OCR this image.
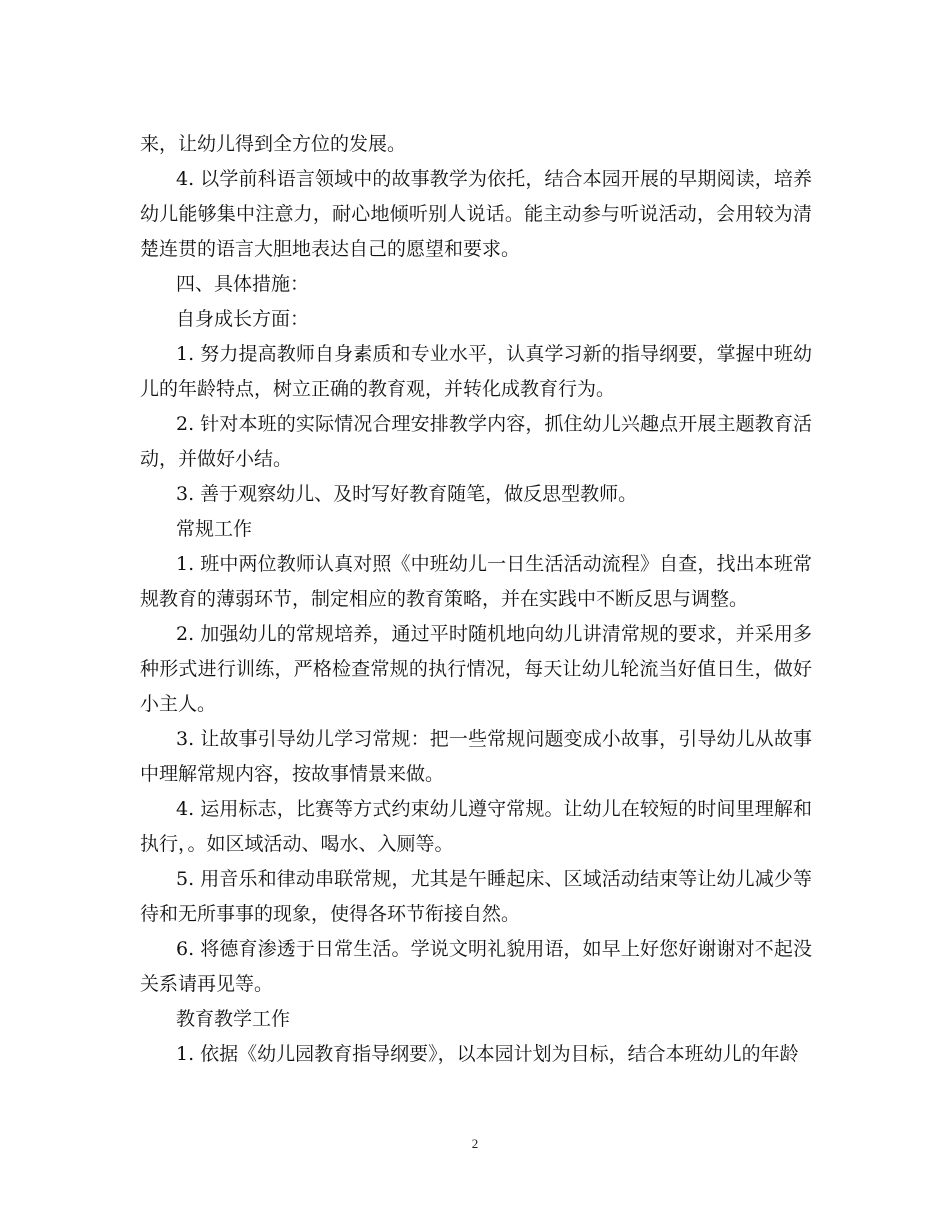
来，让幼儿得到全方位的发展。

4. 以学前科语言领域中的故事教学为依托，结合本园开展的早期阅读，培养幼儿能够集中注意力，耐心地倾听别人说话。能主动参与听说活动，会用较为清楚连贯的语言大胆地表达自己的愿望和要求。

四、具体措施：

自身成长方面：

1. 努力提高教师自身素质和专业水平，认真学习新的指导纲要，掌握中班幼儿的年龄特点，树立正确的教育观，并转化成教育行为。

2. 针对本班的实际情况合理安排教学内容，抓住幼儿兴趣点开展主题教育活动，并做好小结。

3. 善于观察幼儿、及时写好教育随笔，做反思型教师。

常规工作

1. 班中两位教师认真对照《中班幼儿一日生活活动流程》自查，找出本班常规教育的薄弱环节，制定相应的教育策略，并在实践中不断反思与调整。

2. 加强幼儿的常规培养，通过平时随机地向幼儿讲清常规的要求，并采用多种形式进行训练，严格检查常规的执行情况，每天让幼儿轮流当好值日生，做好小主人。

3. 让故事引导幼儿学习常规：把一些常规问题变成小故事，引导幼儿从故事中理解常规内容，按故事情景来做。

4. 运用标志，比赛等方式约束幼儿遵守常规。让幼儿在较短的时间里理解和执行，。如区域活动、喝水、入厕等。

5. 用音乐和律动串联常规，尤其是午睡起床、区域活动结束等让幼儿减少等待和无所事事的现象，使得各环节衔接自然。

6. 将德育渗透于日常生活。学说文明礼貌用语，如早上好您好谢谢对不起没关系请再见等。

教育教学工作

1. 依据《幼儿园教育指导纲要》，以本园计划为目标，结合本班幼儿的年龄

2
